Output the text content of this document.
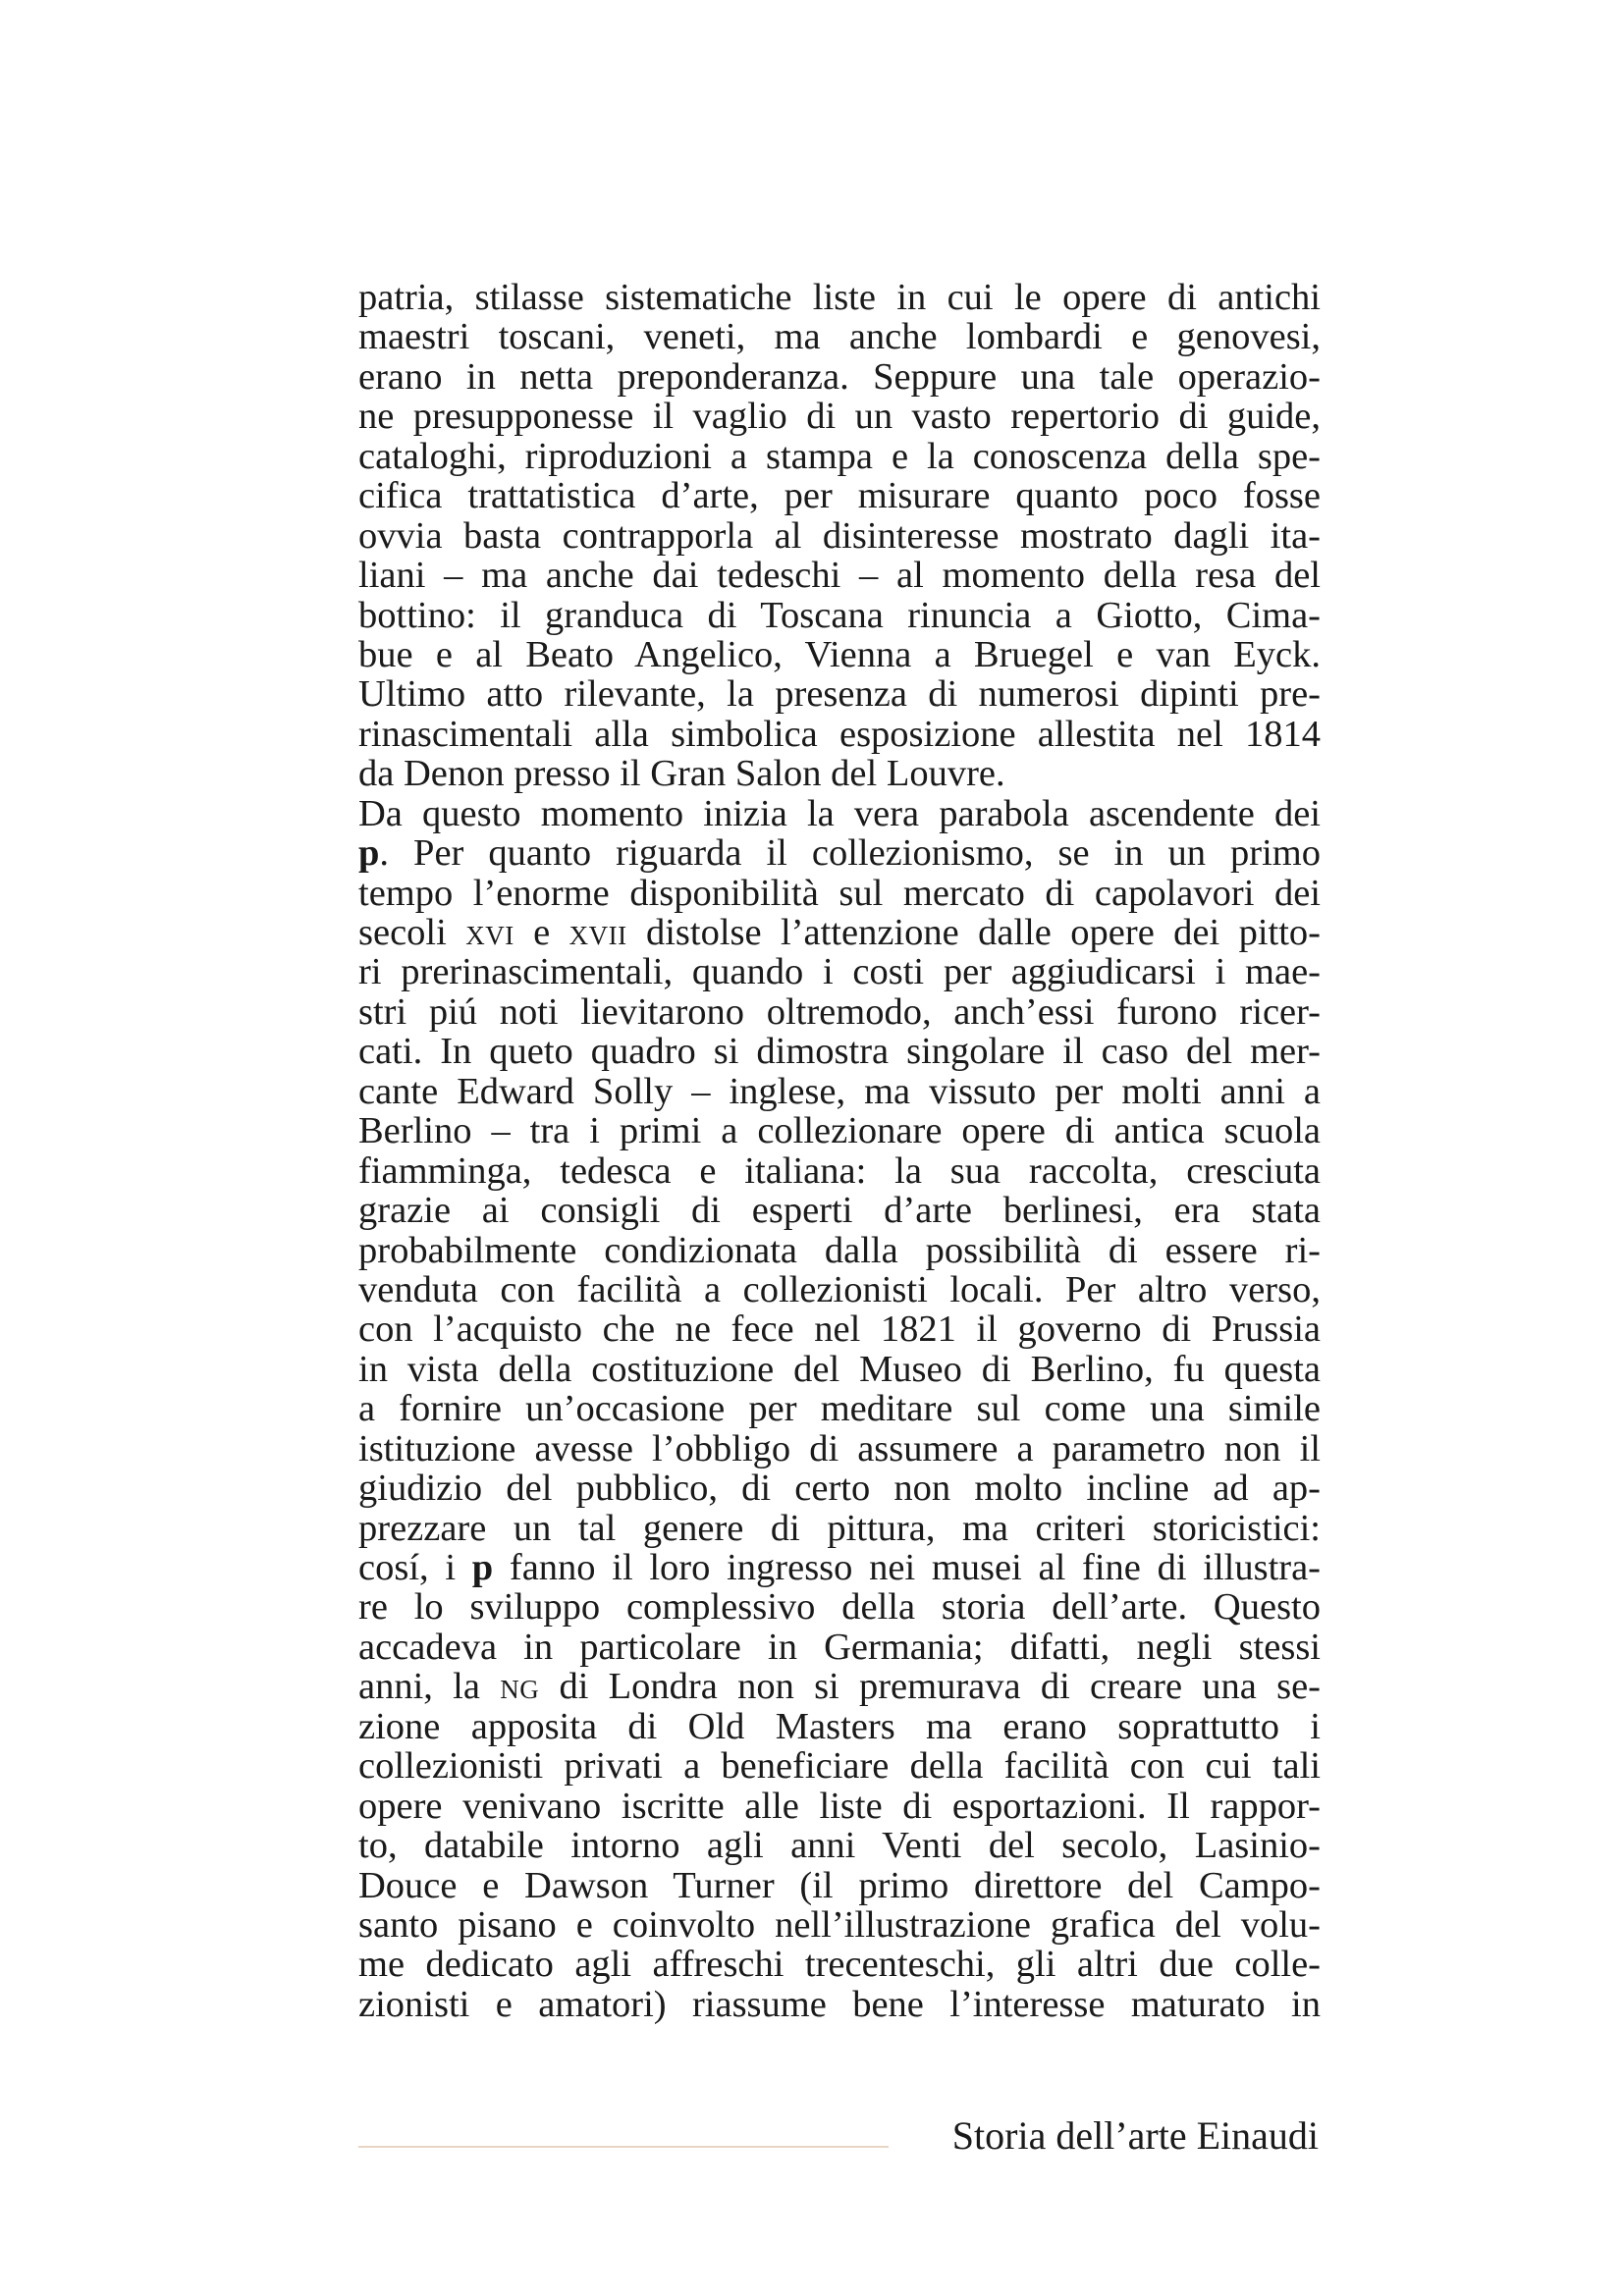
patria, stilasse sistematiche liste in cui le opere di antichi
maestri toscani, veneti, ma anche lombardi e genovesi,
erano in netta preponderanza. Seppure una tale operazio-
ne presupponesse il vaglio di un vasto repertorio di guide,
cataloghi, riproduzioni a stampa e la conoscenza della spe-
cifica trattatistica d’arte, per misurare quanto poco fosse
ovvia basta contrapporla al disinteresse mostrato dagli ita-
liani – ma anche dai tedeschi – al momento della resa del
bottino: il granduca di Toscana rinuncia a Giotto, Cima-
bue e al Beato Angelico, Vienna a Bruegel e van Eyck.
Ultimo atto rilevante, la presenza di numerosi dipinti pre-
rinascimentali alla simbolica esposizione allestita nel 1814
da Denon presso il Gran Salon del Louvre.
Da questo momento inizia la vera parabola ascendente dei
p. Per quanto riguarda il collezionismo, se in un primo
tempo l’enorme disponibilità sul mercato di capolavori dei
secoli xvi e xvii distolse l’attenzione dalle opere dei pitto-
ri prerinascimentali, quando i costi per aggiudicarsi i mae-
stri piú noti lievitarono oltremodo, anch’essi furono ricer-
cati. In queto quadro si dimostra singolare il caso del mer-
cante Edward Solly – inglese, ma vissuto per molti anni a
Berlino – tra i primi a collezionare opere di antica scuola
fiamminga, tedesca e italiana: la sua raccolta, cresciuta
grazie ai consigli di esperti d’arte berlinesi, era stata
probabilmente condizionata dalla possibilità di essere ri-
venduta con facilità a collezionisti locali. Per altro verso,
con l’acquisto che ne fece nel 1821 il governo di Prussia
in vista della costituzione del Museo di Berlino, fu questa
a fornire un’occasione per meditare sul come una simile
istituzione avesse l’obbligo di assumere a parametro non il
giudizio del pubblico, di certo non molto incline ad ap-
prezzare un tal genere di pittura, ma criteri storicistici:
cosí, i p fanno il loro ingresso nei musei al fine di illustra-
re lo sviluppo complessivo della storia dell’arte. Questo
accadeva in particolare in Germania; difatti, negli stessi
anni, la ng di Londra non si premurava di creare una se-
zione apposita di Old Masters ma erano soprattutto i
collezionisti privati a beneficiare della facilità con cui tali
opere venivano iscritte alle liste di esportazioni. Il rappor-
to, databile intorno agli anni Venti del secolo, Lasinio-
Douce e Dawson Turner (il primo direttore del Campo-
santo pisano e coinvolto nell’illustrazione grafica del volu-
me dedicato agli affreschi trecenteschi, gli altri due colle-
zionisti e amatori) riassume bene l’interesse maturato in
Storia dell’arte Einaudi
